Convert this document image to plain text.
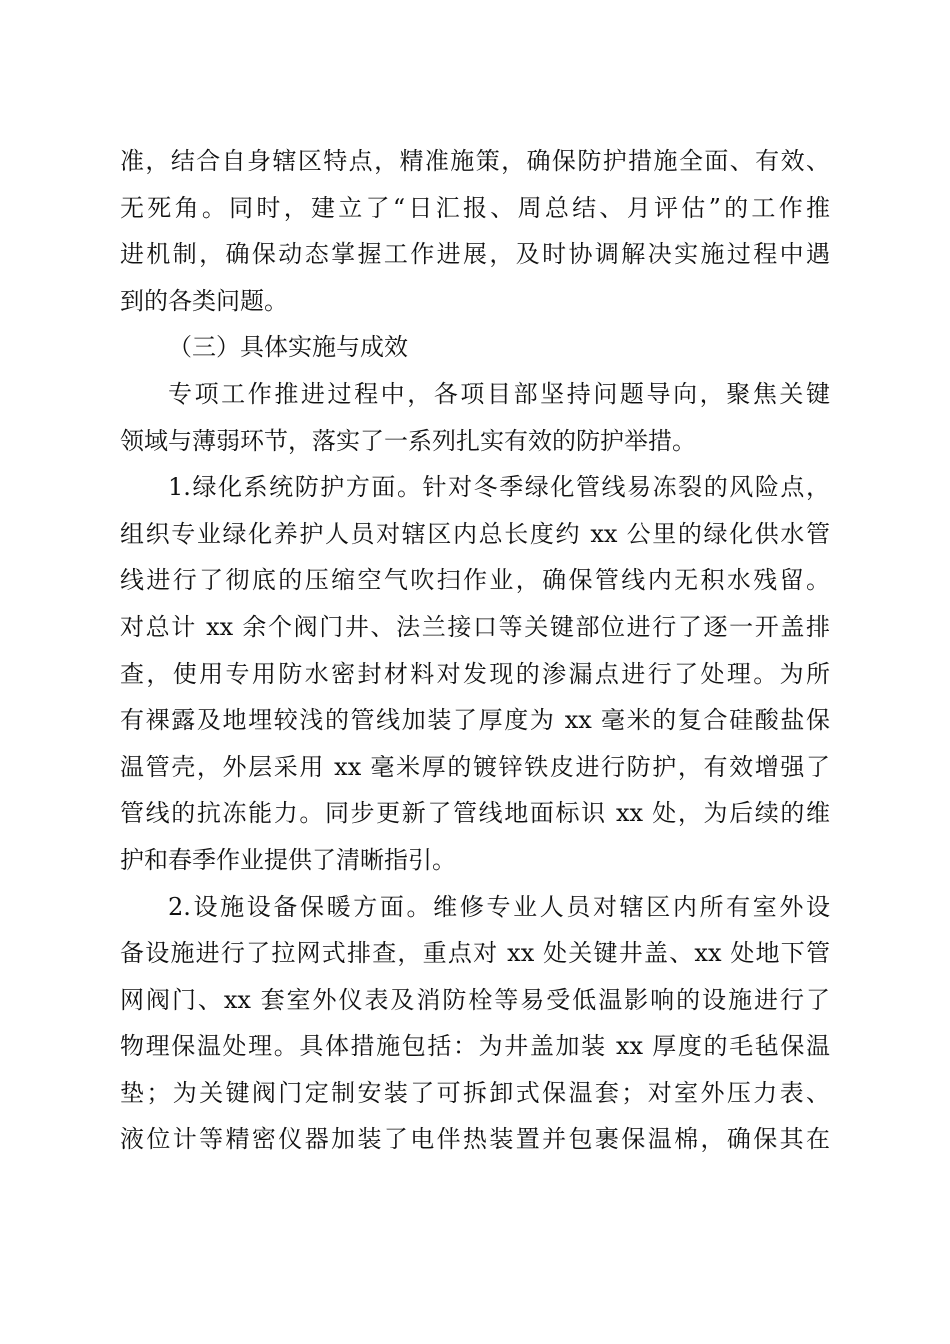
准，结合自身辖区特点，精准施策，确保防护措施全面、有效、
无死角。同时，建立了“日汇报、周总结、月评估”的工作推
进机制，确保动态掌握工作进展，及时协调解决实施过程中遇
到的各类问题。
（三）具体实施与成效
专项工作推进过程中，各项目部坚持问题导向，聚焦关键
领域与薄弱环节，落实了一系列扎实有效的防护举措。
1.绿化系统防护方面。针对冬季绿化管线易冻裂的风险点，
组织专业绿化养护人员对辖区内总长度约 xx 公里的绿化供水管
线进行了彻底的压缩空气吹扫作业，确保管线内无积水残留。
对总计 xx 余个阀门井、法兰接口等关键部位进行了逐一开盖排
查，使用专用防水密封材料对发现的渗漏点进行了处理。为所
有裸露及地埋较浅的管线加装了厚度为 xx 毫米的复合硅酸盐保
温管壳，外层采用 xx 毫米厚的镀锌铁皮进行防护，有效增强了
管线的抗冻能力。同步更新了管线地面标识 xx 处，为后续的维
护和春季作业提供了清晰指引。
2.设施设备保暖方面。维修专业人员对辖区内所有室外设
备设施进行了拉网式排查，重点对 xx 处关键井盖、xx 处地下管
网阀门、xx 套室外仪表及消防栓等易受低温影响的设施进行了
物理保温处理。具体措施包括：为井盖加装 xx 厚度的毛毡保温
垫；为关键阀门定制安装了可拆卸式保温套；对室外压力表、
液位计等精密仪器加装了电伴热装置并包裹保温棉，确保其在
